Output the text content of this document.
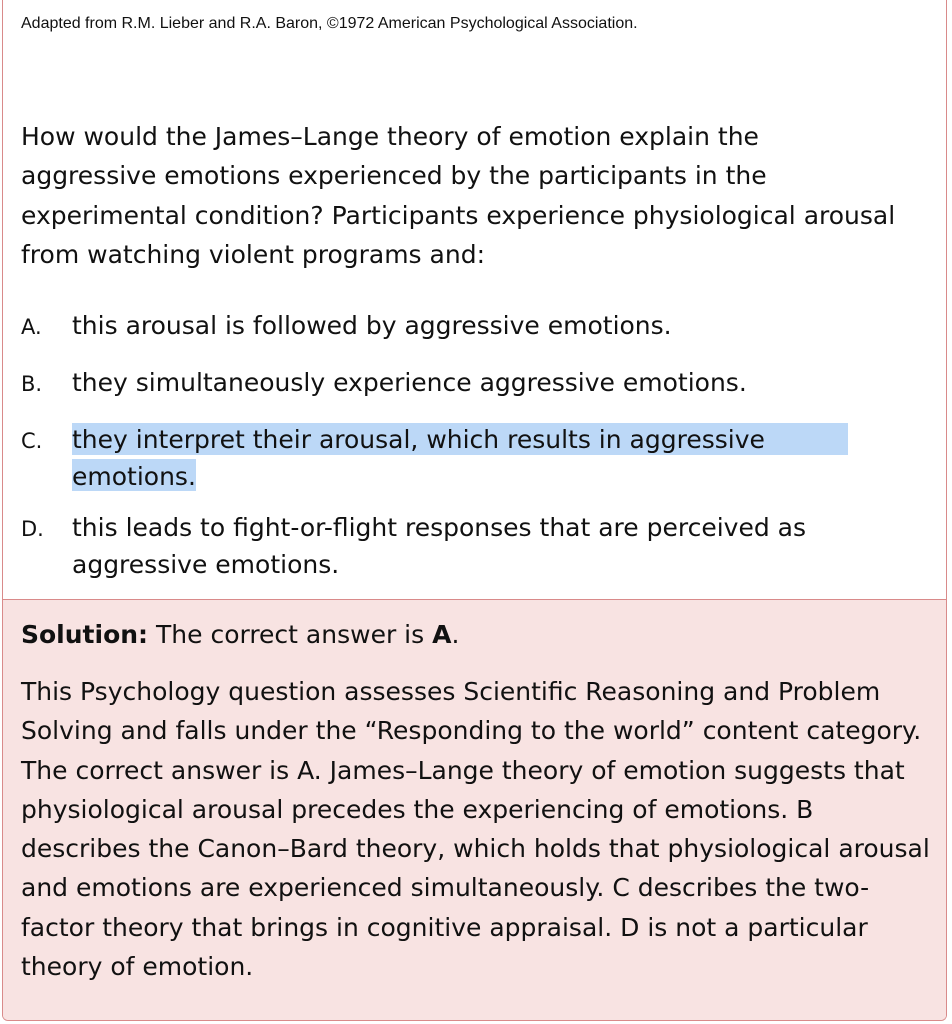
Adapted from R.M. Lieber and R.A. Baron, ©1972 American Psychological Association.

How would the James–Lange theory of emotion explain the aggressive emotions experienced by the participants in the experimental condition? Participants experience physiological arousal from watching violent programs and:

A. this arousal is followed by aggressive emotions.
B. they simultaneously experience aggressive emotions.
C. they interpret their arousal, which results in aggressive emotions.
D. this leads to fight-or-flight responses that are perceived as aggressive emotions.
Solution: The correct answer is A.

This Psychology question assesses Scientific Reasoning and Problem Solving and falls under the “Responding to the world” content category. The correct answer is A. James–Lange theory of emotion suggests that physiological arousal precedes the experiencing of emotions. B describes the Canon–Bard theory, which holds that physiological arousal and emotions are experienced simultaneously. C describes the two-factor theory that brings in cognitive appraisal. D is not a particular theory of emotion.
